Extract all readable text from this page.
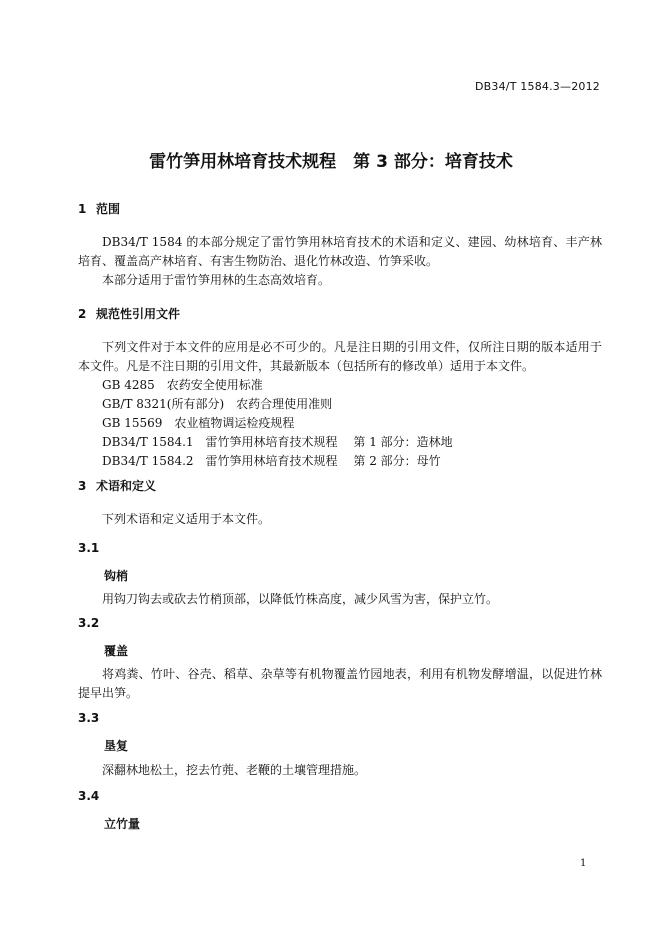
DB34/T 1584.3—2012
雷竹笋用林培育技术规程　第 3 部分：培育技术
1 范围

DB34/T 1584 的本部分规定了雷竹笋用林培育技术的术语和定义、建园、幼林培育、丰产林培育、覆盖高产林培育、有害生物防治、退化竹林改造、竹笋采收。

本部分适用于雷竹笋用林的生态高效培育。

2 规范性引用文件

下列文件对于本文件的应用是必不可少的。凡是注日期的引用文件，仅所注日期的版本适用于本文件。凡是不注日期的引用文件，其最新版本（包括所有的修改单）适用于本文件。

GB 4285　农药安全使用标准
GB/T 8321(所有部分)　农药合理使用准则
GB 15569　农业植物调运检疫规程
DB34/T 1584.1　雷竹笋用林培育技术规程　 第 1 部分：造林地
DB34/T 1584.2　雷竹笋用林培育技术规程　 第 2 部分：母竹
3 术语和定义

下列术语和定义适用于本文件。

3.1
钩梢

用钩刀钩去或砍去竹梢顶部，以降低竹株高度，减少风雪为害，保护立竹。

3.2
覆盖

将鸡粪、竹叶、谷壳、稻草、杂草等有机物覆盖竹园地表，利用有机物发酵增温，以促进竹林提早出笋。

3.3
垦复

深翻林地松土，挖去竹蔸、老鞭的土壤管理措施。

3.4
立竹量
1
